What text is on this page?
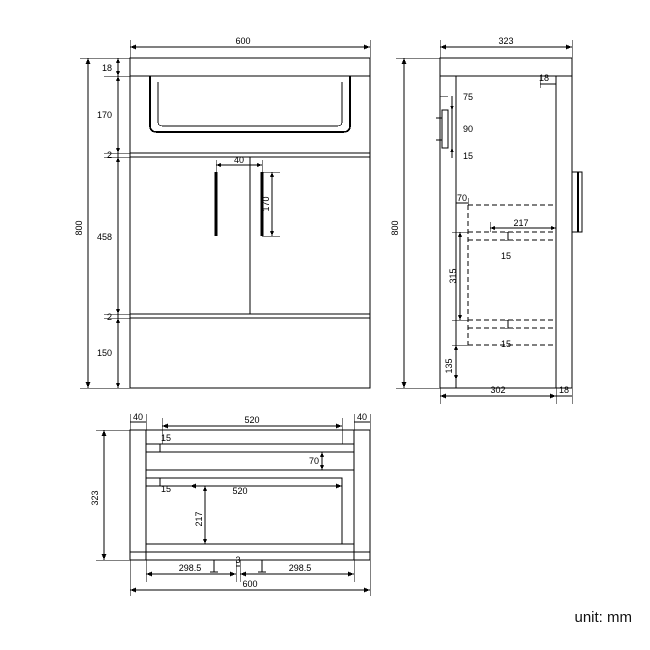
600
800
18
170
2
458
2
150
40
170
323
800
75
90
15
18
70
217
15
315
15
135
302	18
40	40
520
15
70
15	520
217
323
298.5
3
298.5
600
unit: mm
